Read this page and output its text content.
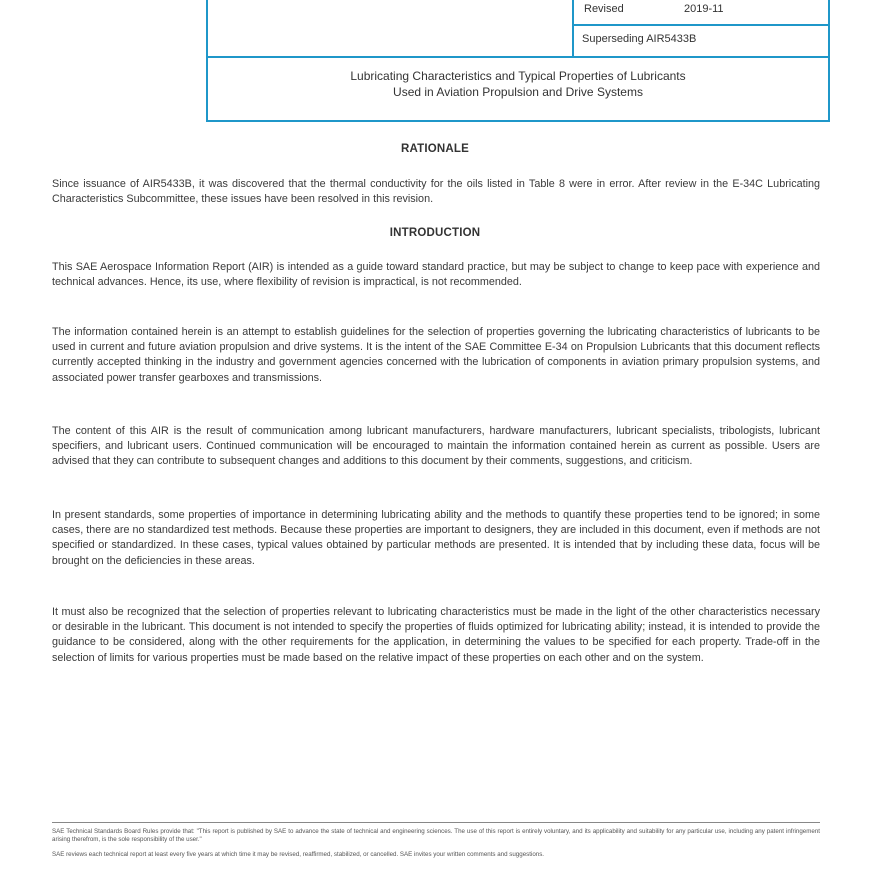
Revised	2019-11
Superseding AIR5433B
Lubricating Characteristics and Typical Properties of Lubricants
Used in Aviation Propulsion and Drive Systems
RATIONALE
Since issuance of AIR5433B, it was discovered that the thermal conductivity for the oils listed in Table 8 were in error. After review in the E-34C Lubricating Characteristics Subcommittee, these issues have been resolved in this revision.
INTRODUCTION
This SAE Aerospace Information Report (AIR) is intended as a guide toward standard practice, but may be subject to change to keep pace with experience and technical advances. Hence, its use, where flexibility of revision is impractical, is not recommended.
The information contained herein is an attempt to establish guidelines for the selection of properties governing the lubricating characteristics of lubricants to be used in current and future aviation propulsion and drive systems. It is the intent of the SAE Committee E-34 on Propulsion Lubricants that this document reflects currently accepted thinking in the industry and government agencies concerned with the lubrication of components in aviation primary propulsion systems, and associated power transfer gearboxes and transmissions.
The content of this AIR is the result of communication among lubricant manufacturers, hardware manufacturers, lubricant specialists, tribologists, lubricant specifiers, and lubricant users. Continued communication will be encouraged to maintain the information contained herein as current as possible. Users are advised that they can contribute to subsequent changes and additions to this document by their comments, suggestions, and criticism.
In present standards, some properties of importance in determining lubricating ability and the methods to quantify these properties tend to be ignored; in some cases, there are no standardized test methods. Because these properties are important to designers, they are included in this document, even if methods are not specified or standardized. In these cases, typical values obtained by particular methods are presented. It is intended that by including these data, focus will be brought on the deficiencies in these areas.
It must also be recognized that the selection of properties relevant to lubricating characteristics must be made in the light of the other characteristics necessary or desirable in the lubricant. This document is not intended to specify the properties of fluids optimized for lubricating ability; instead, it is intended to provide the guidance to be considered, along with the other requirements for the application, in determining the values to be specified for each property. Trade-off in the selection of limits for various properties must be made based on the relative impact of these properties on each other and on the system.
SAE Technical Standards Board Rules provide that: "This report is published by SAE to advance the state of technical and engineering sciences. The use of this report is entirely voluntary, and its applicability and suitability for any particular use, including any patent infringement arising therefrom, is the sole responsibility of the user."
SAE reviews each technical report at least every five years at which time it may be revised, reaffirmed, stabilized, or cancelled. SAE invites your written comments and suggestions.
